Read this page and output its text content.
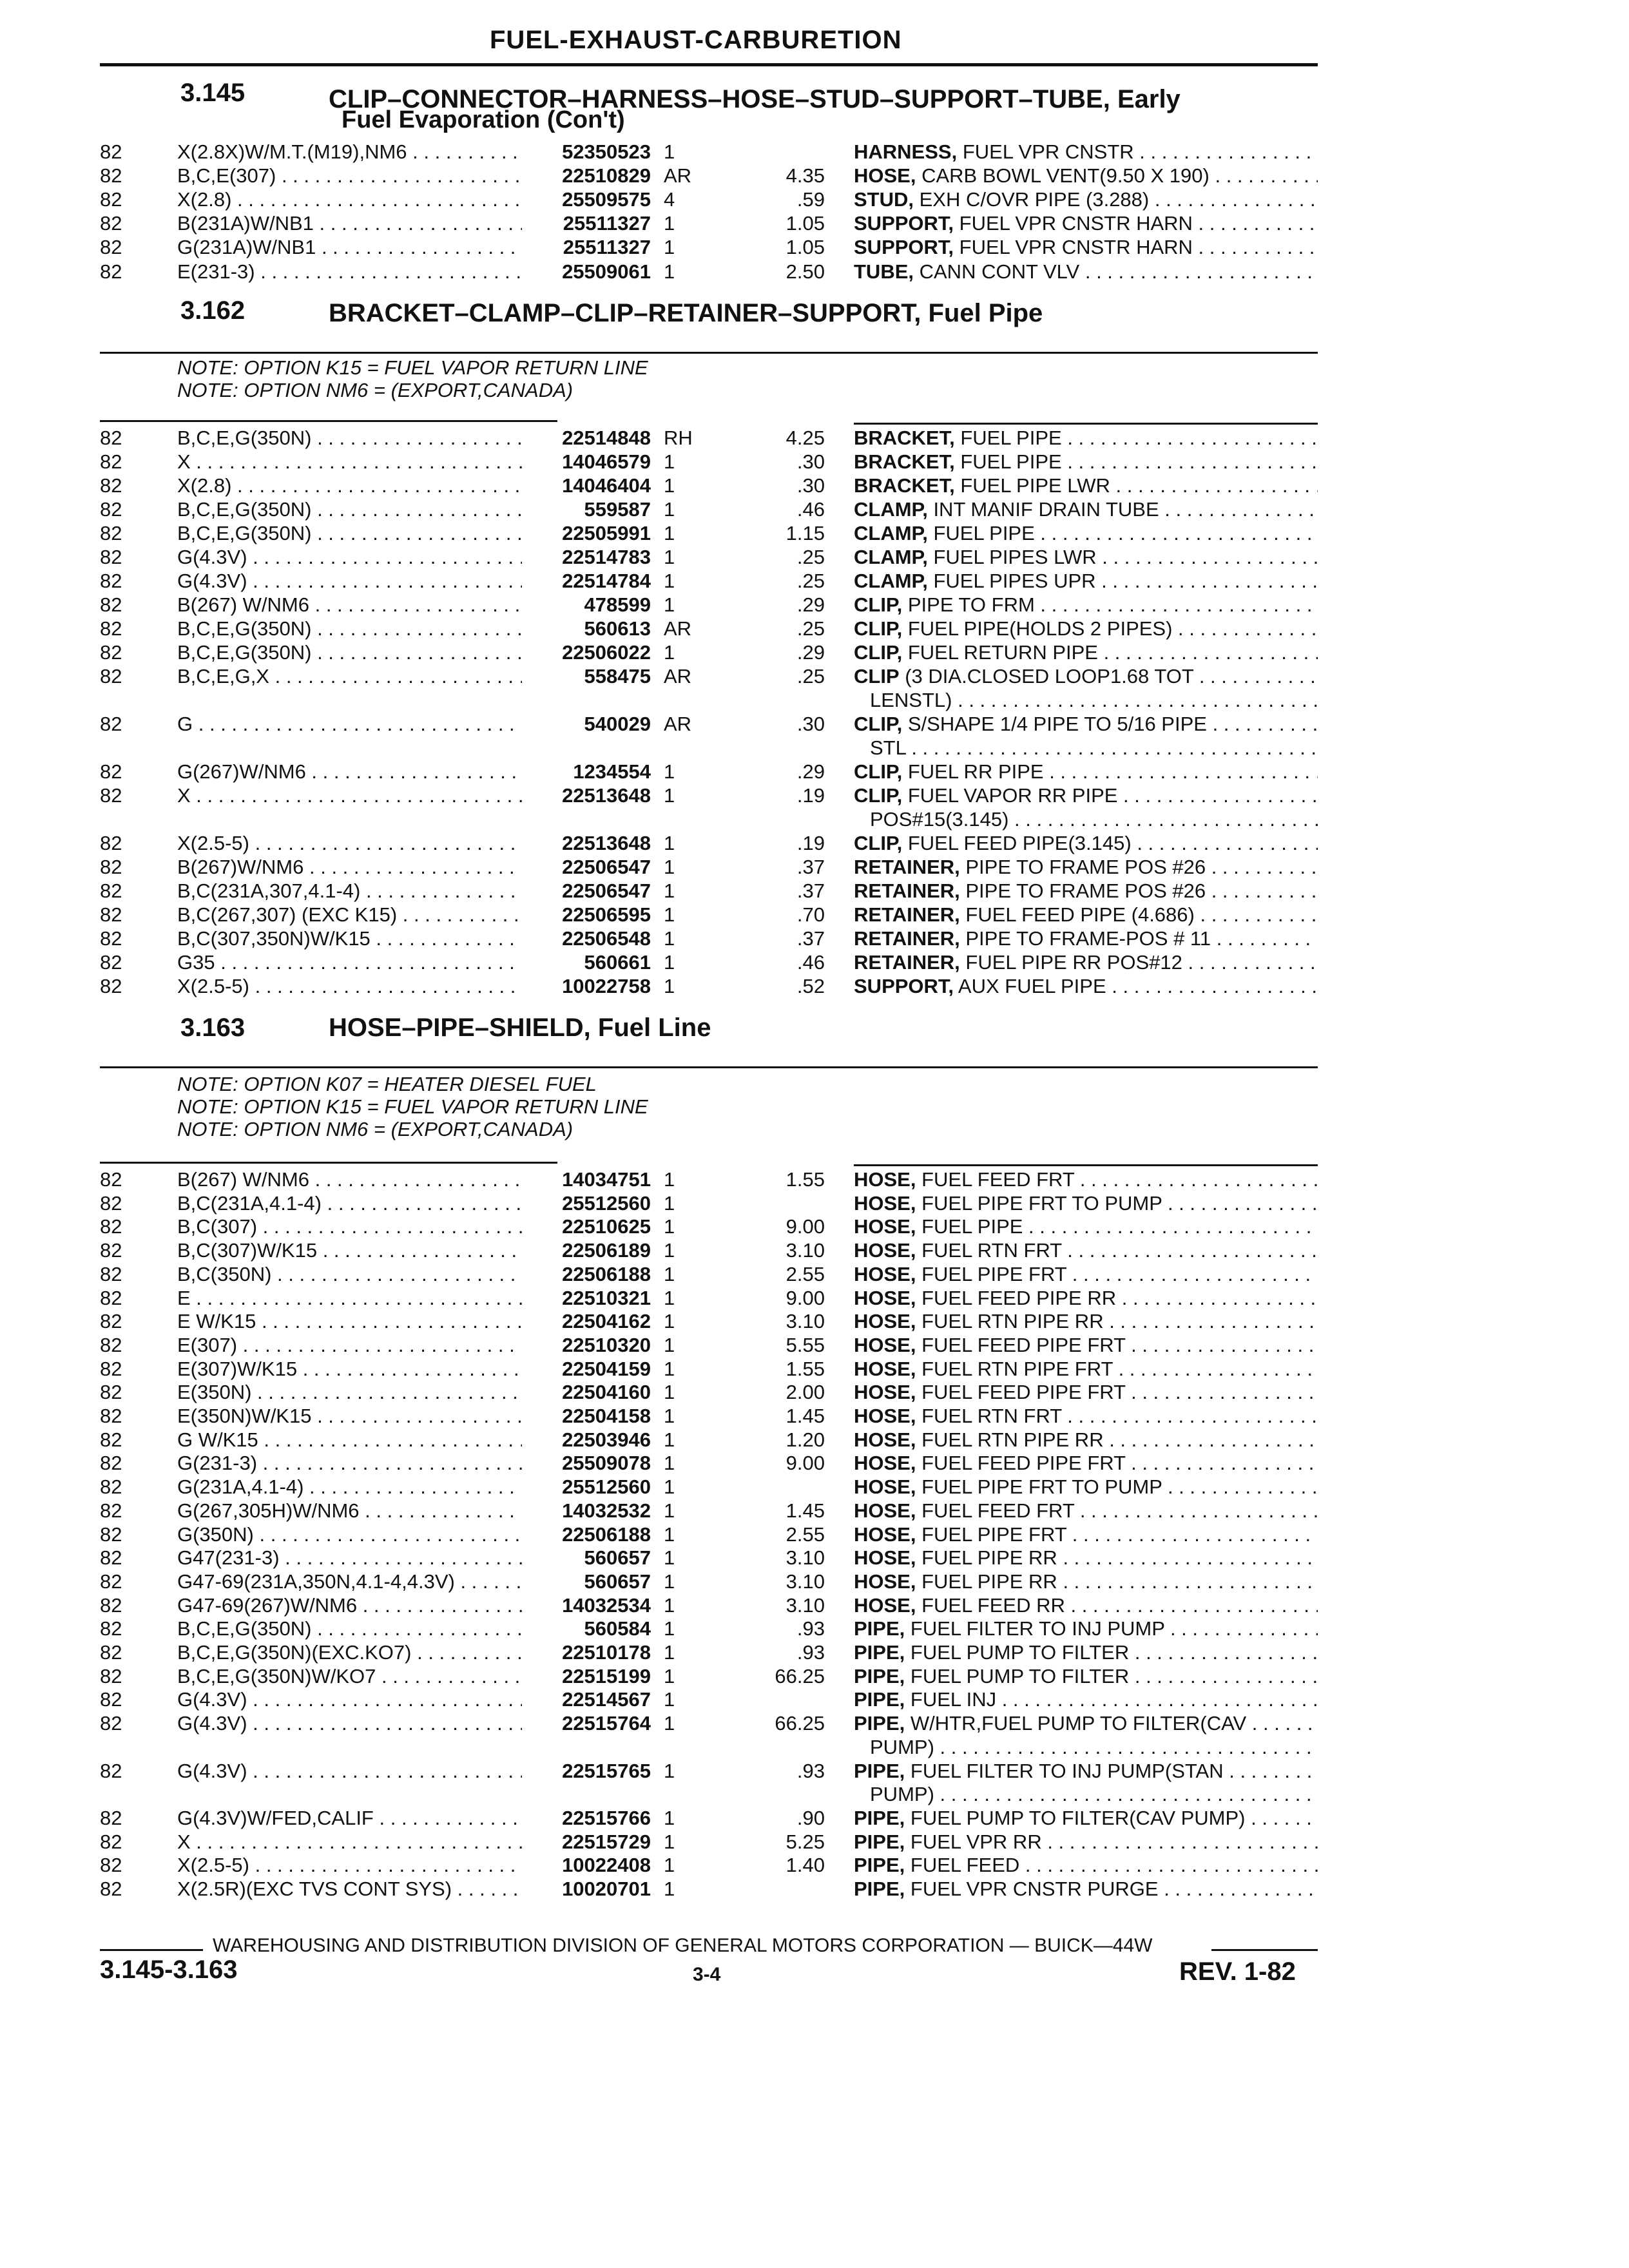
FUEL-EXHAUST-CARBURETION
3.145	CLIP–CONNECTOR–HARNESS–HOSE–STUD–SUPPORT–TUBE, Early
Fuel Evaporation (Con't)
82	X(2.8X)W/M.T.(M19),NM6 . . .	52350523 1	HARNESS, FUEL VPR CNSTR . . .
82	B,C,E(307) . . .	22510829 AR	4.35 HOSE, CARB BOWL VENT(9.50 X 190) . . .
82	X(2.8) . . .	25509575 4	.59 STUD, EXH C/OVR PIPE (3.288) . . .
82	B(231A)W/NB1 . . .	25511327 1	1.05 SUPPORT, FUEL VPR CNSTR HARN . . .
82	G(231A)W/NB1 . . .	25511327 1	1.05 SUPPORT, FUEL VPR CNSTR HARN . . .
82	E(231-3) . . .	25509061 1	2.50 TUBE, CANN CONT VLV . . .
3.162	BRACKET–CLAMP–CLIP–RETAINER–SUPPORT, Fuel Pipe
NOTE: OPTION K15 = FUEL VAPOR RETURN LINE
NOTE: OPTION NM6 = (EXPORT,CANADA)
82	B,C,E,G(350N) . . .	22514848 RH	4.25 BRACKET, FUEL PIPE . . .
82	X . . .	14046579 1	.30 BRACKET, FUEL PIPE . . .
82	X(2.8) . . .	14046404 1	.30 BRACKET, FUEL PIPE LWR . . .
82	B,C,E,G(350N) . . .	559587 1	.46 CLAMP, INT MANIF DRAIN TUBE . . .
82	B,C,E,G(350N) . . .	22505991 1	1.15 CLAMP, FUEL PIPE . . .
82	G(4.3V) . . .	22514783 1	.25 CLAMP, FUEL PIPES LWR . . .
82	G(4.3V) . . .	22514784 1	.25 CLAMP, FUEL PIPES UPR . . .
82	B(267) W/NM6 . . .	478599 1	.29 CLIP, PIPE TO FRM . . .
82	B,C,E,G(350N) . . .	560613 AR	.25 CLIP, FUEL PIPE(HOLDS 2 PIPES) . . .
82	B,C,E,G(350N) . . .	22506022 1	.29 CLIP, FUEL RETURN PIPE . . .
82	B,C,E,G,X . . .	558475 AR	.25 CLIP (3 DIA.CLOSED LOOP1.68 TOT . . .
LENSTL) . . .
82	G . . .	540029 AR	.30 CLIP, S/SHAPE 1/4 PIPE TO 5/16 PIPE . . .
STL . . .
82	G(267)W/NM6 . . .	1234554 1	.29 CLIP, FUEL RR PIPE . . .
82	X . . .	22513648 1	.19 CLIP, FUEL VAPOR RR PIPE . . .
POS#15(3.145) . . .
82	X(2.5-5) . . .	22513648 1	.19 CLIP, FUEL FEED PIPE(3.145) . . .
82	B(267)W/NM6 . . .	22506547 1	.37 RETAINER, PIPE TO FRAME POS #26 . . .
82	B,C(231A,307,4.1-4) . . .	22506547 1	.37 RETAINER, PIPE TO FRAME POS #26 . . .
82	B,C(267,307) (EXC K15) . . .	22506595 1	.70 RETAINER, FUEL FEED PIPE (4.686) . . .
82	B,C(307,350N)W/K15 . . .	22506548 1	.37 RETAINER, PIPE TO FRAME-POS # 11 . . .
82	G35 . . .	560661 1	.46 RETAINER, FUEL PIPE RR POS#12 . . .
82	X(2.5-5) . . .	10022758 1	.52 SUPPORT, AUX FUEL PIPE . . .
3.163	HOSE–PIPE–SHIELD, Fuel Line
NOTE: OPTION K07 = HEATER DIESEL FUEL
NOTE: OPTION K15 = FUEL VAPOR RETURN LINE
NOTE: OPTION NM6 = (EXPORT,CANADA)
82	B(267) W/NM6 . . .	14034751 1	1.55 HOSE, FUEL FEED FRT . . .
82	B,C(231A,4.1-4) . . .	25512560 1	HOSE, FUEL PIPE FRT TO PUMP . . .
82	B,C(307) . . .	22510625 1	9.00 HOSE, FUEL PIPE . . .
82	B,C(307)W/K15 . . .	22506189 1	3.10 HOSE, FUEL RTN FRT . . .
82	B,C(350N) . . .	22506188 1	2.55 HOSE, FUEL PIPE FRT . . .
82	E . . .	22510321 1	9.00 HOSE, FUEL FEED PIPE RR . . .
82	E W/K15 . . .	22504162 1	3.10 HOSE, FUEL RTN PIPE RR . . .
82	E(307) . . .	22510320 1	5.55 HOSE, FUEL FEED PIPE FRT . . .
82	E(307)W/K15 . . .	22504159 1	1.55 HOSE, FUEL RTN PIPE FRT . . .
82	E(350N) . . .	22504160 1	2.00 HOSE, FUEL FEED PIPE FRT . . .
82	E(350N)W/K15 . . .	22504158 1	1.45 HOSE, FUEL RTN FRT . . .
82	G W/K15 . . .	22503946 1	1.20 HOSE, FUEL RTN PIPE RR . . .
82	G(231-3) . . .	25509078 1	9.00 HOSE, FUEL FEED PIPE FRT . . .
82	G(231A,4.1-4) . . .	25512560 1	HOSE, FUEL PIPE FRT TO PUMP . . .
82	G(267,305H)W/NM6 . . .	14032532 1	1.45 HOSE, FUEL FEED FRT . . .
82	G(350N) . . .	22506188 1	2.55 HOSE, FUEL PIPE FRT . . .
82	G47(231-3) . . .	560657 1	3.10 HOSE, FUEL PIPE RR . . .
82	G47-69(231A,350N,4.1-4,4.3V) . . .	560657 1	3.10 HOSE, FUEL PIPE RR . . .
82	G47-69(267)W/NM6 . . .	14032534 1	3.10 HOSE, FUEL FEED RR . . .
82	B,C,E,G(350N) . . .	560584 1	.93 PIPE, FUEL FILTER TO INJ PUMP . . .
82	B,C,E,G(350N)(EXC.KO7) . . .	22510178 1	.93 PIPE, FUEL PUMP TO FILTER . . .
82	B,C,E,G(350N)W/KO7 . . .	22515199 1	66.25 PIPE, FUEL PUMP TO FILTER . . .
82	G(4.3V) . . .	22514567 1	PIPE, FUEL INJ . . .
82	G(4.3V) . . .	22515764 1	66.25 PIPE, W/HTR,FUEL PUMP TO FILTER(CAV . . .
PUMP) . . .
82	G(4.3V) . . .	22515765 1	.93 PIPE, FUEL FILTER TO INJ PUMP(STAN . . .
PUMP) . . .
82	G(4.3V)W/FED,CALIF . . .	22515766 1	.90 PIPE, FUEL PUMP TO FILTER(CAV PUMP) . . .
82	X . . .	22515729 1	5.25 PIPE, FUEL VPR RR . . .
82	X(2.5-5) . . .	10022408 1	1.40 PIPE, FUEL FEED . . .
82	X(2.5R)(EXC TVS CONT SYS) . . .	10020701 1	PIPE, FUEL VPR CNSTR PURGE . . .
WAREHOUSING AND DISTRIBUTION DIVISION OF GENERAL MOTORS CORPORATION — BUICK—44W
3.145-3.163	3-4	REV. 1-82
